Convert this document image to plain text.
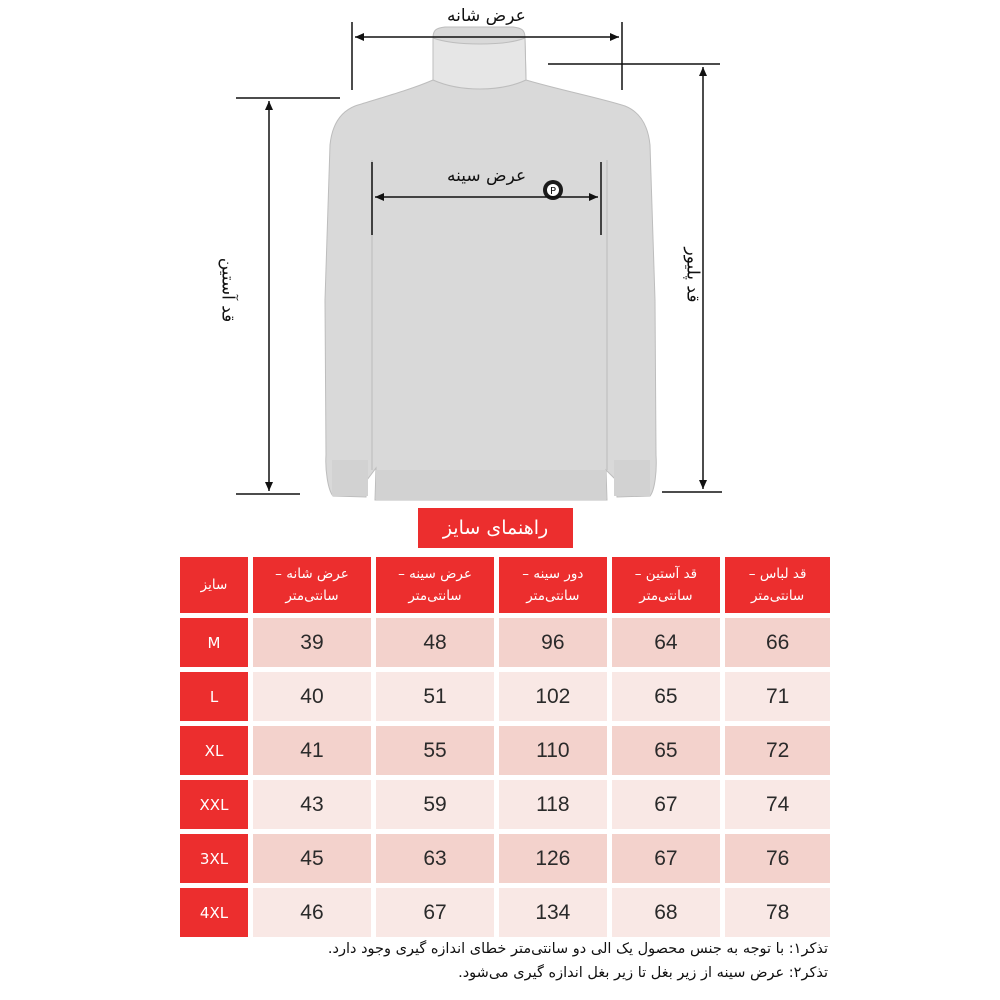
P
عرض شانه
عرض سینه
قد آستین	قد پلیور
راهنمای سایز
سایز	عرض شانه – سانتی‌متر	عرض سینه – سانتی‌متر	دور سینه – سانتی‌متر	قد آستین – سانتی‌متر	قد لباس – سانتی‌متر
M	39	48	96	64	66
L	40	51	102	65	71
XL	41	55	110	65	72
XXL	43	59	118	67	74
3XL	45	63	126	67	76
4XL	46	67	134	68	78
تذکر۱: با توجه به جنس محصول یک الی دو سانتی‌متر خطای اندازه گیری وجود دارد.
تذکر۲: عرض سینه از زیر بغل تا زیر بغل اندازه گیری می‌شود.
